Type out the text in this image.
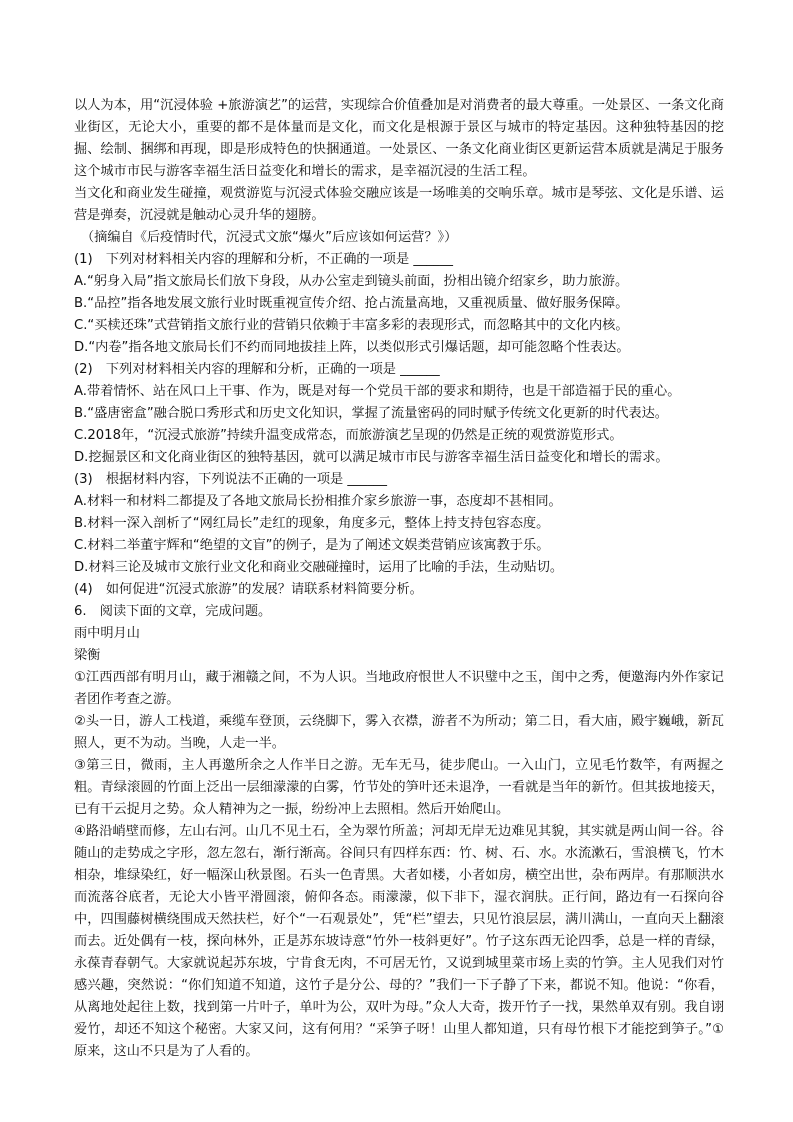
以人为本，用“沉浸体验 +旅游演艺”的运营，实现综合价值叠加是对消费者的最大尊重。一处景区、一条文化商业街区，无论大小，重要的都不是体量而是文化，而文化是根源于景区与城市的特定基因。这种独特基因的挖掘、绘制、捆绑和再现，即是形成特色的快捆通道。一处景区、一条文化商业街区更新运营本质就是满足于服务这个城市市民与游客幸福生活日益变化和增长的需求，是幸福沉浸的生活工程。

当文化和商业发生碰撞，观赏游览与沉浸式体验交融应该是一场唯美的交响乐章。城市是琴弦、文化是乐谱、运营是弹奏，沉浸就是触动心灵升华的翅膀。

（摘编自《后疫情时代，沉浸式文旅“爆火”后应该如何运营？》）

(1)　下列对材料相关内容的理解和分析，不正确的一项是 ______

A.“躬身入局”指文旅局长们放下身段，从办公室走到镜头前面，扮相出镜介绍家乡，助力旅游。

B.“品控”指各地发展文旅行业时既重视宣传介绍、抢占流量高地，又重视质量、做好服务保障。

C.“买椟还珠”式营销指文旅行业的营销只依赖于丰富多彩的表现形式，而忽略其中的文化内核。

D.“内卷”指各地文旅局长们不约而同地拔挂上阵，以类似形式引爆话题，却可能忽略个性表达。

(2)　下列对材料相关内容的理解和分析，正确的一项是 ______

A.带着情怀、站在风口上干事、作为，既是对每一个党员干部的要求和期待，也是干部造福于民的重心。

B.“盛唐密盒”融合脱口秀形式和历史文化知识，掌握了流量密码的同时赋予传统文化更新的时代表达。

C.2018年，“沉浸式旅游”持续升温变成常态，而旅游演艺呈现的仍然是正统的观赏游览形式。

D.挖掘景区和文化商业街区的独特基因，就可以满足城市市民与游客幸福生活日益变化和增长的需求。

(3)　根据材料内容，下列说法不正确的一项是 ______

A.材料一和材料二都提及了各地文旅局长扮相推介家乡旅游一事，态度却不甚相同。

B.材料一深入剖析了“网红局长”走红的现象，角度多元，整体上持支持包容态度。

C.材料二举董宇辉和“绝望的文盲”的例子，是为了阐述文娱类营销应该寓教于乐。

D.材料三论及城市文旅行业文化和商业交融碰撞时，运用了比喻的手法，生动贴切。

(4)　如何促进“沉浸式旅游”的发展？请联系材料简要分析。

6.　阅读下面的文章，完成问题。

雨中明月山

梁衡

①江西西部有明月山，藏于湘赣之间，不为人识。当地政府恨世人不识璧中之玉，闺中之秀，便邀海内外作家记者团作考查之游。

②头一日，游人工栈道，乘缆车登顶，云绕脚下，雾入衣襟，游者不为所动；第二日，看大庙，殿宇巍峨，新瓦照人，更不为动。当晚，人走一半。

③第三日，微雨，主人再邀所余之人作半日之游。无车无马，徒步爬山。一入山门，立见毛竹数竿，有两握之粗。青绿滚圆的竹面上泛出一层细濛濛的白雾，竹节处的笋叶还未退净，一看就是当年的新竹。但其拔地接天，已有干云捉月之势。众人精神为之一振，纷纷冲上去照相。然后开始爬山。

④路沿峭壁而修，左山右河。山几不见土石，全为翠竹所盖；河却无岸无边难见其貌，其实就是两山间一谷。谷随山的走势成之字形，忽左忽右，渐行渐高。谷间只有四样东西：竹、树、石、水。水流漱石，雪浪横飞，竹木相杂，堆绿染红，好一幅深山秋景图。石头一色青黑。大者如楼，小者如房，横空出世，杂布两岸。有那顺洪水而流落谷底者，无论大小皆平滑圆滚，俯仰各态。雨濛濛，似下非下，湿衣润肤。正行间，路边有一石探向谷中，四围藤树横绕围成天然扶栏，好个“一石观景处”，凭“栏”望去，只见竹浪层层，满川满山，一直向天上翻滚而去。近处偶有一枝，探向林外，正是苏东坡诗意“竹外一枝斜更好”。竹子这东西无论四季，总是一样的青绿，永葆青春朝气。大家就说起苏东坡，宁肯食无肉，不可居无竹，又说到城里菜市场上卖的竹笋。主人见我们对竹感兴趣，突然说：“你们知道不知道，这竹子是分公、母的？”我们一下子静了下来，都说不知。他说：“你看，从离地处起往上数，找到第一片叶子，单叶为公，双叶为母。”众人大奇，拨开竹子一找，果然单双有别。我自诩爱竹，却还不知这个秘密。大家又问，这有何用？“采笋子呀！山里人都知道，只有母竹根下才能挖到笋子。”①　原来，这山不只是为了人看的。
